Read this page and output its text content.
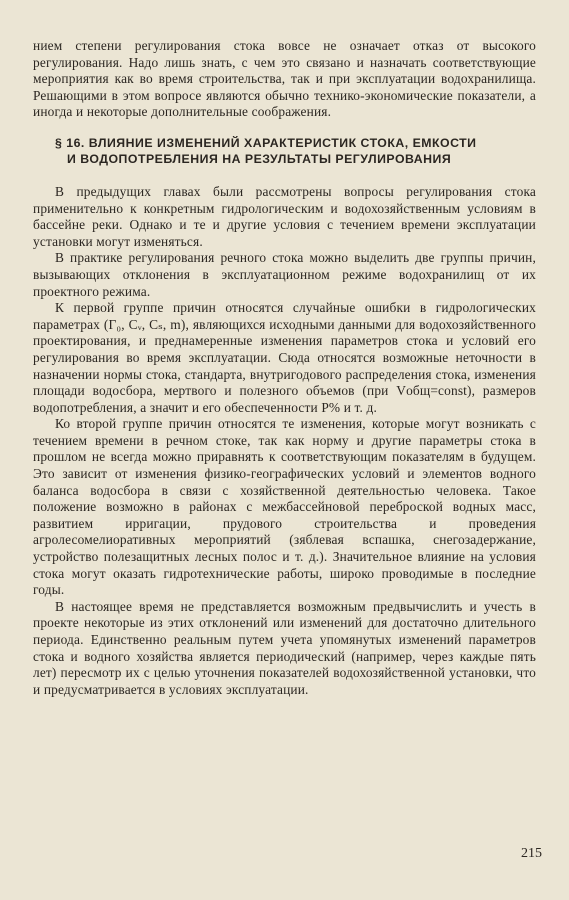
нием степени регулирования стока вовсе не означает отказ от высокого регулирования. Надо лишь знать, с чем это связано и назначать соответствующие мероприятия как во время строительства, так и при эксплуатации водохранилища. Решающими в этом вопросе являются обычно технико-экономические показатели, а иногда и некоторые дополнительные соображения.

§ 16. ВЛИЯНИЕ ИЗМЕНЕНИЙ ХАРАКТЕРИСТИК СТОКА, ЕМКОСТИ
И ВОДОПОТРЕБЛЕНИЯ НА РЕЗУЛЬТАТЫ РЕГУЛИРОВАНИЯ

В предыдущих главах были рассмотрены вопросы регулирования стока применительно к конкретным гидрологическим и водохозяйственным условиям в бассейне реки. Однако и те и другие условия с течением времени эксплуатации установки могут изменяться.

В практике регулирования речного стока можно выделить две группы причин, вызывающих отклонения в эксплуатационном режиме водохранилищ от их проектного режима.

К первой группе причин относятся случайные ошибки в гидрологических параметрах (Г₀, Cᵥ, Cₛ, m), являющихся исходными данными для водохозяйственного проектирования, и преднамеренные изменения параметров стока и условий его регулирования во время эксплуатации. Сюда относятся возможные неточности в назначении нормы стока, стандарта, внутригодового распределения стока, изменения площади водосбора, мертвого и полезного объемов (при Vобщ=const), размеров водопотребления, а значит и его обеспеченности P% и т. д.

Ко второй группе причин относятся те изменения, которые могут возникать с течением времени в речном стоке, так как норму и другие параметры стока в прошлом не всегда можно приравнять к соответствующим показателям в будущем. Это зависит от изменения физико-географических условий и элементов водного баланса водосбора в связи с хозяйственной деятельностью человека. Такое положение возможно в районах с межбассейновой переброской водных масс, развитием ирригации, прудового строительства и проведения агролесомелиоративных мероприятий (зяблевая вспашка, снегозадержание, устройство полезащитных лесных полос и т. д.). Значительное влияние на условия стока могут оказать гидротехнические работы, широко проводимые в последние годы.

В настоящее время не представляется возможным предвычислить и учесть в проекте некоторые из этих отклонений или изменений для достаточно длительного периода. Единственно реальным путем учета упомянутых изменений параметров стока и водного хозяйства является периодический (например, через каждые пять лет) пересмотр их с целью уточнения показателей водохозяйственной установки, что и предусматривается в условиях эксплуатации.

215
